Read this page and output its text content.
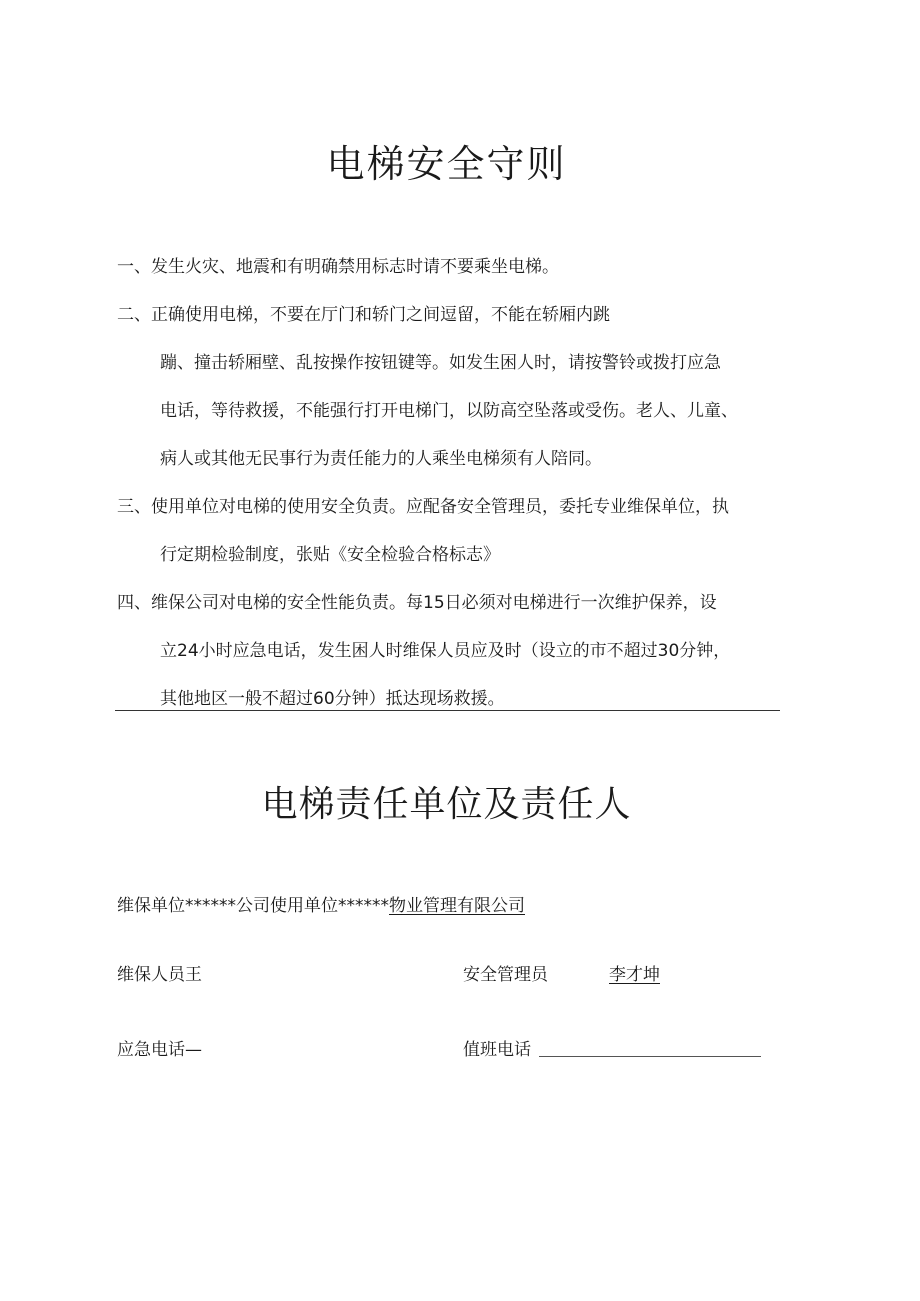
电梯安全守则

一、发生火灾、地震和有明确禁用标志时请不要乘坐电梯。

二、正确使用电梯，不要在厅门和轿门之间逗留，不能在轿厢内跳

蹦、撞击轿厢壁、乱按操作按钮键等。如发生困人时，请按警铃或拨打应急

电话，等待救援，不能强行打开电梯门，以防高空坠落或受伤。老人、儿童、

病人或其他无民事行为责任能力的人乘坐电梯须有人陪同。

三、使用单位对电梯的使用安全负责。应配备安全管理员，委托专业维保单位，执

行定期检验制度，张贴《安全检验合格标志》

四、维保公司对电梯的安全性能负责。每15日必须对电梯进行一次维护保养，设

立24小时应急电话，发生困人时维保人员应及时（设立的市不超过30分钟，

其他地区一般不超过60分钟）抵达现场救援。

电梯责任单位及责任人

维保单位******公司使用单位******物业管理有限公司

维保人员王	安全管理员	李才坤

应急电话—	值班电话
